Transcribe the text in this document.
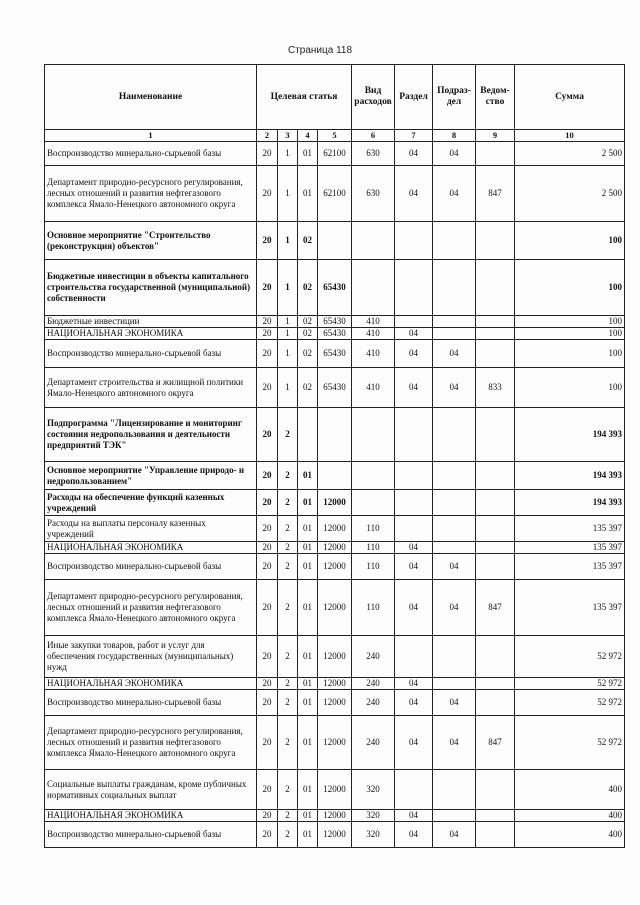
Страница 118
Наименование	Целевая статья				Вид расходов	Раздел	Подраз- дел	Ведом- ство	Сумма
1	2	3	4	5	6	7	8	9	10
Воспроизводство минерально-сырьевой базы	20	1	01	62100	630	04	04		2 500
Департамент природно-ресурсного регулирования, лесных отношений и развития нефтегазового комплекса Ямало-Ненецкого автономного округа	20	1	01	62100	630	04	04	847	2 500
Основное мероприятие "Строительство (реконструкция) объектов"	20	1	02						100
Бюджетные инвестиции в объекты капитального строительства государственной (муниципальной) собственности	20	1	02	65430					100
Бюджетные инвестиции	20	1	02	65430	410				100
НАЦИОНАЛЬНАЯ ЭКОНОМИКА	20	1	02	65430	410	04			100
Воспроизводство минерально-сырьевой базы	20	1	02	65430	410	04	04		100
Департамент строительства и жилищной политики Ямало-Ненецкого автономного округа	20	1	02	65430	410	04	04	833	100
Подпрограмма "Лицензирование и мониторинг состояния недропользования и деятельности предприятий ТЭК"	20	2							194 393
Основное мероприятие "Управление природо- и недропользованием"	20	2	01						194 393
Расходы на обеспечение функций казенных учреждений	20	2	01	12000					194 393
Расходы на выплаты персоналу казенных учреждений	20	2	01	12000	110				135 397
НАЦИОНАЛЬНАЯ ЭКОНОМИКА	20	2	01	12000	110	04			135 397
Воспроизводство минерально-сырьевой базы	20	2	01	12000	110	04	04		135 397
Департамент природно-ресурсного регулирования, лесных отношений и развития нефтегазового комплекса Ямало-Ненецкого автономного округа	20	2	01	12000	110	04	04	847	135 397
Иные закупки товаров, работ и услуг для обеспечения государственных (муниципальных) нужд	20	2	01	12000	240				52 972
НАЦИОНАЛЬНАЯ ЭКОНОМИКА	20	2	01	12000	240	04			52 972
Воспроизводство минерально-сырьевой базы	20	2	01	12000	240	04	04		52 972
Департамент природно-ресурсного регулирования, лесных отношений и развития нефтегазового комплекса Ямало-Ненецкого автономного округа	20	2	01	12000	240	04	04	847	52 972
Социальные выплаты гражданам, кроме публичных нормативных социальных выплат	20	2	01	12000	320				400
НАЦИОНАЛЬНАЯ ЭКОНОМИКА	20	2	01	12000	320	04			400
Воспроизводство минерально-сырьевой базы	20	2	01	12000	320	04	04		400
